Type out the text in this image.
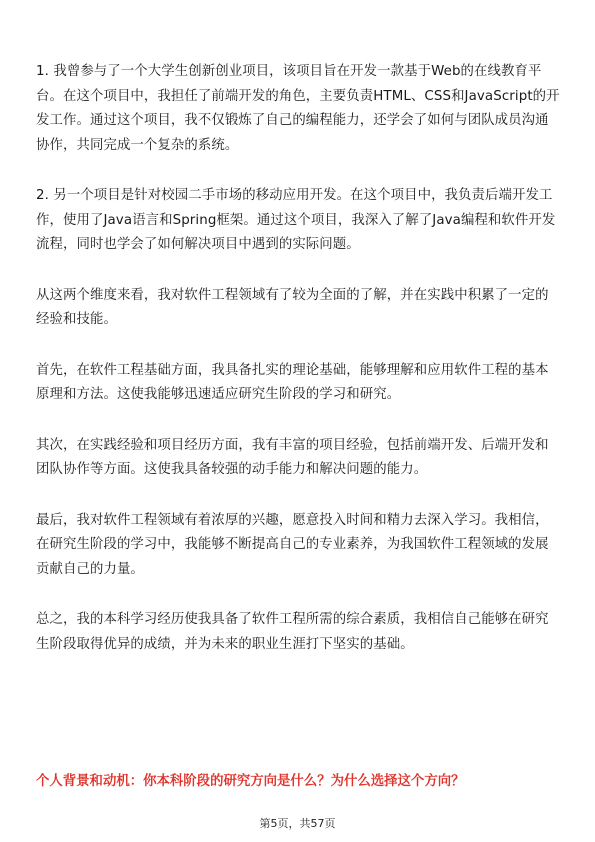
1. 我曾参与了一个大学生创新创业项目，该项目旨在开发一款基于Web的在线教育平台。在这个项目中，我担任了前端开发的角色，主要负责HTML、CSS和JavaScript的开发工作。通过这个项目，我不仅锻炼了自己的编程能力，还学会了如何与团队成员沟通协作，共同完成一个复杂的系统。

2. 另一个项目是针对校园二手市场的移动应用开发。在这个项目中，我负责后端开发工作，使用了Java语言和Spring框架。通过这个项目，我深入了解了Java编程和软件开发流程，同时也学会了如何解决项目中遇到的实际问题。

从这两个维度来看，我对软件工程领域有了较为全面的了解，并在实践中积累了一定的经验和技能。

首先，在软件工程基础方面，我具备扎实的理论基础，能够理解和应用软件工程的基本原理和方法。这使我能够迅速适应研究生阶段的学习和研究。

其次，在实践经验和项目经历方面，我有丰富的项目经验，包括前端开发、后端开发和团队协作等方面。这使我具备较强的动手能力和解决问题的能力。

最后，我对软件工程领域有着浓厚的兴趣，愿意投入时间和精力去深入学习。我相信，在研究生阶段的学习中，我能够不断提高自己的专业素养，为我国软件工程领域的发展贡献自己的力量。

总之，我的本科学习经历使我具备了软件工程所需的综合素质，我相信自己能够在研究生阶段取得优异的成绩，并为未来的职业生涯打下坚实的基础。

个人背景和动机：你本科阶段的研究方向是什么？为什么选择这个方向？

第5页，共57页
